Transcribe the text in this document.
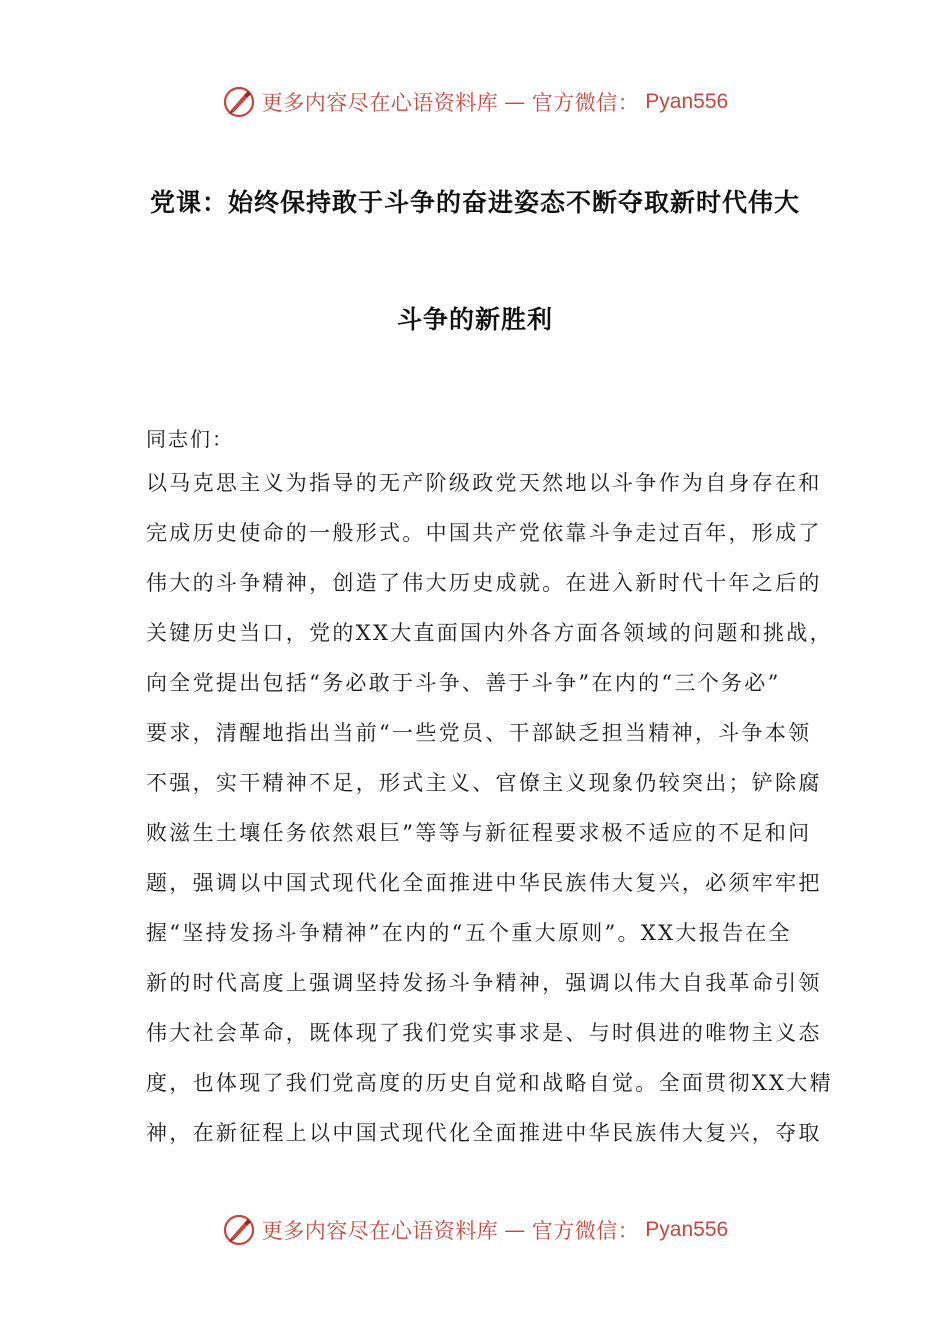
更多内容尽在心语资料库 — 官方微信： Pyan556
党课：始终保持敢于斗争的奋进姿态不断夺取新时代伟大
斗争的新胜利
同志们：
以马克思主义为指导的无产阶级政党天然地以斗争作为自身存在和
完成历史使命的一般形式。中国共产党依靠斗争走过百年，形成了
伟大的斗争精神，创造了伟大历史成就。在进入新时代十年之后的
关键历史当口，党的XX大直面国内外各方面各领域的问题和挑战，
向全党提出包括“务必敢于斗争、善于斗争”在内的“三个务必”
要求，清醒地指出当前“一些党员、干部缺乏担当精神，斗争本领
不强，实干精神不足，形式主义、官僚主义现象仍较突出；铲除腐
败滋生土壤任务依然艰巨”等等与新征程要求极不适应的不足和问
题，强调以中国式现代化全面推进中华民族伟大复兴，必须牢牢把
握“坚持发扬斗争精神”在内的“五个重大原则”。XX大报告在全
新的时代高度上强调坚持发扬斗争精神，强调以伟大自我革命引领
伟大社会革命，既体现了我们党实事求是、与时俱进的唯物主义态
度，也体现了我们党高度的历史自觉和战略自觉。全面贯彻XX大精
神，在新征程上以中国式现代化全面推进中华民族伟大复兴，夺取
更多内容尽在心语资料库 — 官方微信： Pyan556
